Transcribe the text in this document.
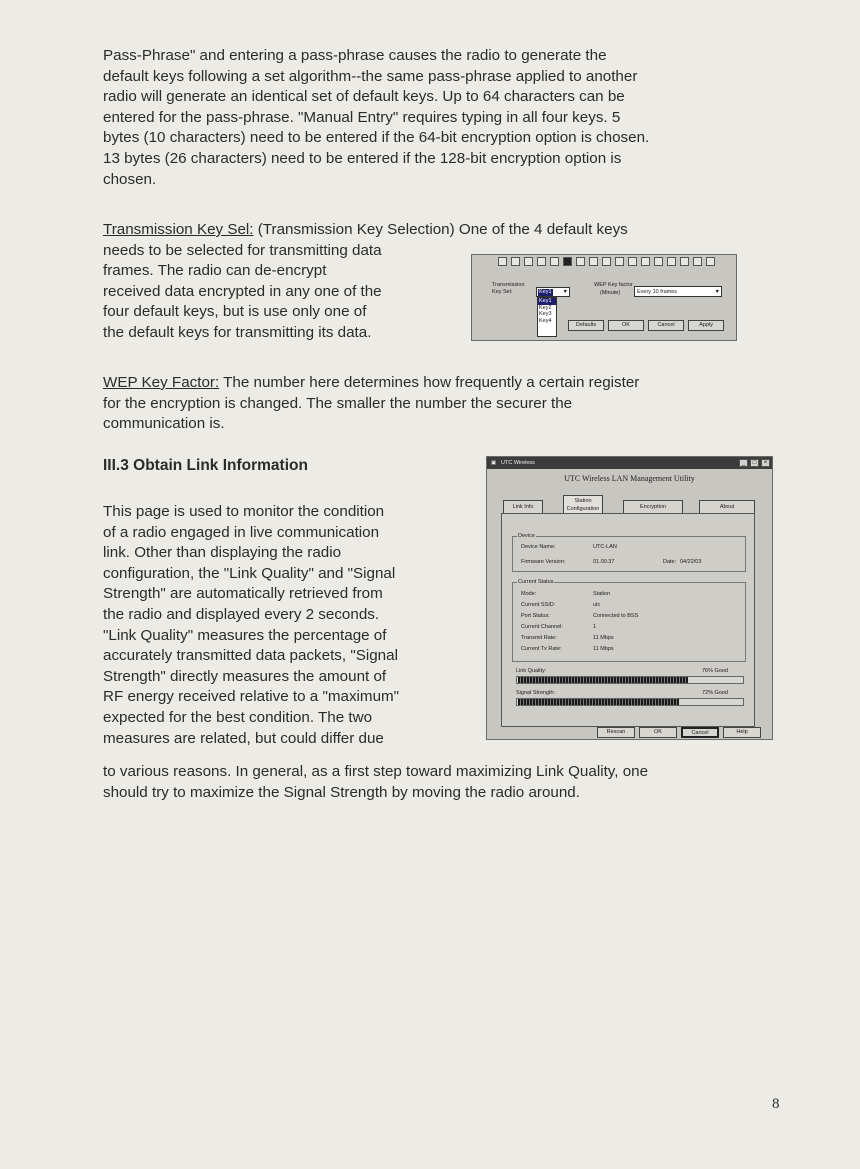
Pass-Phrase" and entering a pass-phrase causes the radio to generate the
default keys following a set algorithm--the same pass-phrase applied to another
radio will generate an identical set of default keys. Up to 64 characters can be
entered for the pass-phrase. "Manual Entry" requires typing in all four keys. 5
bytes (10 characters) need to be entered if the 64-bit encryption option is chosen.
13 bytes (26 characters) need to be entered if the 128-bit encryption option is
chosen.
Transmission Key Sel: (Transmission Key Selection) One of the 4 default keys
needs to be selected for transmitting data
frames. The radio can de-encrypt
received data encrypted in any one of the
four default keys, but is use only one of
the default keys for transmitting its data.
Transmission Key Sel:	Key1 ▼
Key1
Key2
Key3
Key4
WEP Key factor
(Minute)	Every 10 frames	▼
Defaults	OK	Cancel	Apply
WEP Key Factor: The number here determines how frequently a certain register
for the encryption is changed. The smaller the number the securer the
communication is.
III.3 Obtain Link Information
This page is used to monitor the condition
of a radio engaged in live communication
link. Other than displaying the radio
configuration, the "Link Quality" and "Signal
Strength" are automatically retrieved from
the radio and displayed every 2 seconds.
"Link Quality" measures the percentage of
accurately transmitted data packets, "Signal
Strength" directly measures the amount of
RF energy received relative to a "maximum"
expected for the best condition. The two
measures are related, but could differ due
to various reasons. In general, as a first step toward maximizing Link Quality, one
should try to maximize the Signal Strength by moving the radio around.
▣ UTC Wireless	_	□	×
UTC Wireless LAN Management Utility
Link Info
Station Configuration	Encryption	About
Device
Device Name:	UTC-LAN
Firmware Version:	01.00.37	Date: 04/22/03
Current Status
Mode:	Station
Current SSID:	utc
Port Status:	Connected to BSS
Current Channel:	1
Transmit Rate:	11 Mbps
Current Tx Rate:	11 Mbps
Link Quality:	76% Good
Signal Strength:	72% Good
Rescan	OK	Cancel	Help
8
